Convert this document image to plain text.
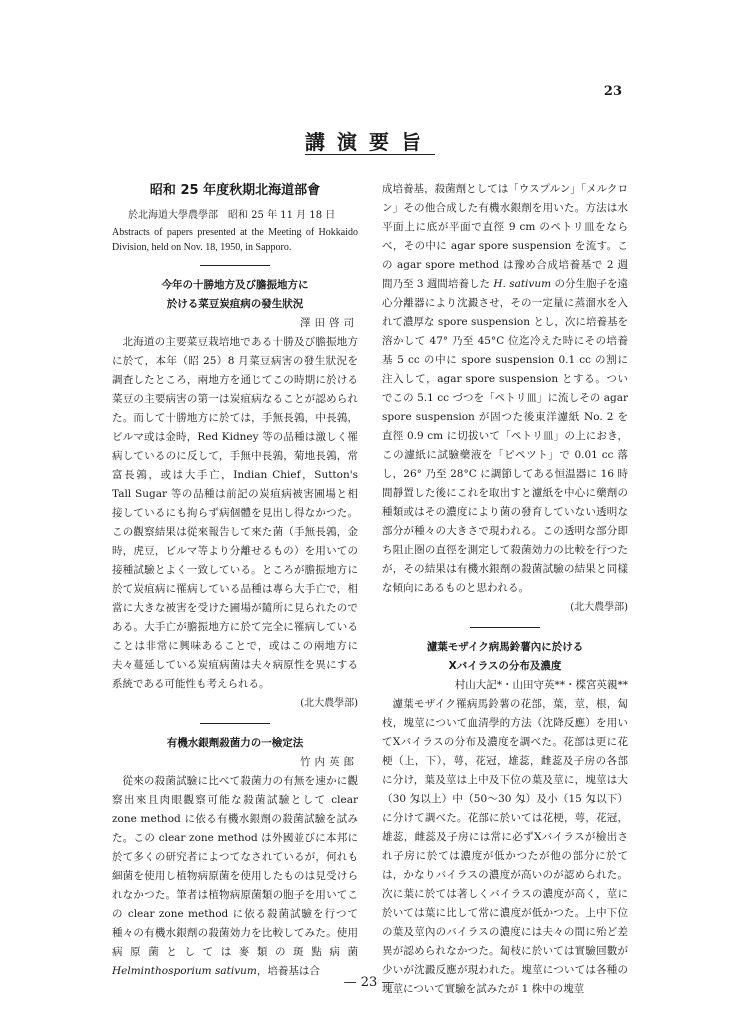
23
講演要旨

昭和 25 年度秋期北海道部會

於北海道大學農學部　昭和 25 年 11 月 18 日

Abstracts of papers presented at the Meeting of Hokkaido Division, held on Nov. 18, 1950, in Sapporo.

今年の十勝地方及び膽振地方に

於ける菜豆炭疽病の發生狀況

澤田啓司

北海道の主要菜豆栽培地である十勝及び膽振地方に於て，本年（昭 25）8 月菜豆病害の發生狀況を調査したところ，兩地方を通じてこの時期に於ける菜豆の主要病害の第一は炭疽病なることが認められた。而して十勝地方に於ては，手無長鶉，中長鶉，ビルマ或は金時，Red Kidney 等の品種は激しく罹病しているのに反して，手無中長鶉，菊地長鶉，常富長鶉，或は大手亡，Indian Chief，Sutton's Tall Sugar 等の品種は前記の炭疽病被害圃場と相接しているにも拘らず病個體を見出し得なかつた。この觀察結果は從來報告して來た菌（手無長鶉，金時，虎豆，ビルマ等より分離せるもの）を用いての接種試驗とよく一致している。ところが膽振地方に於て炭疽病に罹病している品種は專ら大手亡で，相當に大きな被害を受けた圃場が隨所に見られたのである。大手亡が膽振地方に於て完全に罹病していることは非常に興味あることで，或はこの兩地方に夫々蔓延している炭疽病菌は夫々病原性を異にする系統である可能性も考えられる。

(北大農學部)

有機水銀劑殺菌力の一檢定法

竹内英郎

從來の殺菌試驗に比べて殺菌力の有無を速かに觀察出來且肉眼觀察可能な殺菌試驗として clear zone method に依る有機水銀劑の殺菌試驗を試みた。この clear zone method は外國並びに本邦に於て多くの研究者によつてなされているが，何れも細菌を使用し植物病原菌を使用したものは見受けられなかつた。筆者は植物病原菌類の胞子を用いてこの clear zone method に依る殺菌試驗を行つて種々の有機水銀劑の殺菌効力を比較してみた。使用病原菌としては麥類の斑點病菌 Helminthosporium sativum，培養基は合

成培養基，殺菌劑としては「ウスプルン」「メルクロン」その他合成した有機水銀劑を用いた。方法は水平面上に底が平面で直徑 9 cm のペトリ皿をならべ，その中に agar spore suspension を流す。この agar spore method は豫め合成培養基で 2 週間乃至 3 週間培養した H. sativum の分生胞子を遠心分離器により沈澱させ，その一定量に蒸溜水を入れて濃厚な spore suspension とし，次に培養基を溶かして 47° 乃至 45°C 位迄冷えた時にその培養基 5 cc の中に spore suspension 0.1 cc の割に注入して，agar spore suspension とする。ついでこの 5.1 cc づつを「ペトリ皿」に流しその agar spore suspension が固つた後東洋濾紙 No. 2 を直徑 0.9 cm に切拔いて「ペトリ皿」の上におき，この濾紙に試驗藥液を「ピペツト」で 0.01 cc 落し，26° 乃至 28°C に調節してある恒温器に 16 時間靜置した後にこれを取出すと濾紙を中心に藥劑の種類或はその濃度により菌の發育していない透明な部分が種々の大きさで現われる。この透明な部分即ち阻止圏の直徑を測定して殺菌効力の比較を行つたが，その結果は有機水銀劑の殺菌試驗の結果と同樣な傾向にあるものと思われる。

(北大農學部)

濾葉モザイク病馬鈴薯內に於ける

Xバイラスの分布及濃度

村山大記*・山田守英**・楪宮英親**

濾葉モザイク罹病馬鈴薯の花部，葉，莖，根，匐枝，塊莖について血清學的方法（沈降反應）を用いてXバイラスの分布及濃度を調べた。花部は更に花梗（上，下），萼，花冠，雄蕊，雌蕊及子房の各部に分け，葉及莖は上中及下位の葉及莖に，塊莖は大（30 匁以上）中（50～30 匁）及小（15 匁以下）に分けて調べた。花部に於いては花梗，萼，花冠，雄蕊，雌蕊及子房には常に必ずXバイラスが檢出され子房に於ては濃度が低かつたが他の部分に於ては，かなりバイラスの濃度が高いのが認められた。次に葉に於ては著しくバイラスの濃度が高く，莖に於いては葉に比して常に濃度が低かつた。上中下位の葉及莖內のバイラスの濃度には夫々の間に殆ど差異が認められなかつた。匐枝に於いては實驗回數が少いが沈澱反應が現われた。塊莖については各種の塊莖について實驗を試みたが 1 株中の塊莖

— 23 —
